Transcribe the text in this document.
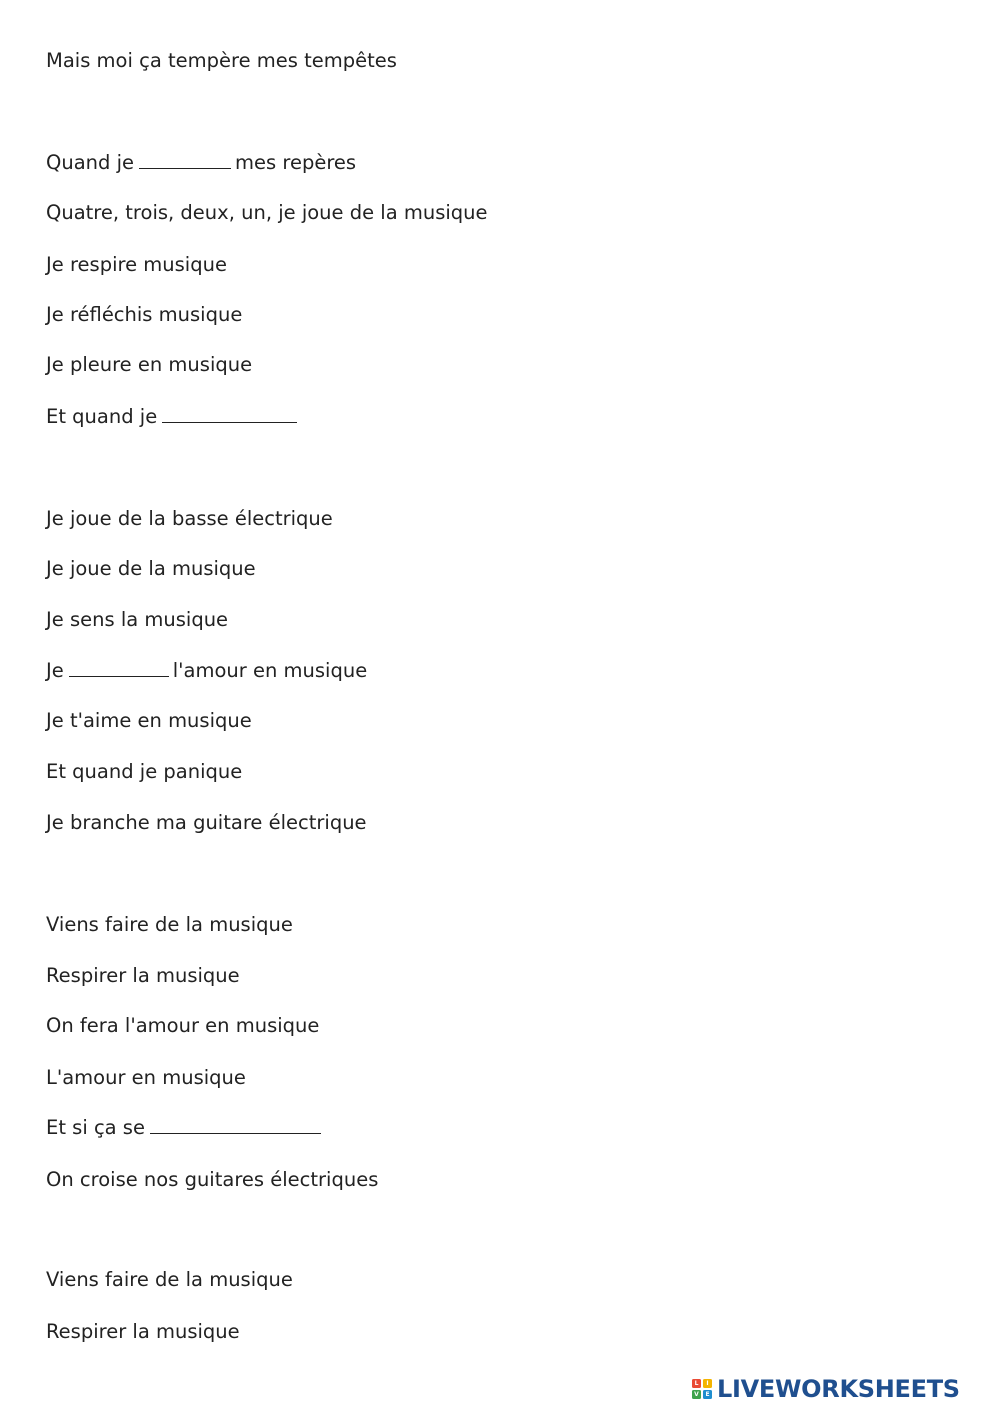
Mais moi ça tempère mes tempêtes
Quand je	mes repères
Quatre, trois, deux, un, je joue de la musique
Je respire musique
Je réfléchis musique
Je pleure en musique
Et quand je
Je joue de la basse électrique
Je joue de la musique
Je sens la musique
Je	l'amour en musique
Je t'aime en musique
Et quand je panique
Je branche ma guitare électrique
Viens faire de la musique
Respirer la musique
On fera l'amour en musique
L'amour en musique
Et si ça se
On croise nos guitares électriques
Viens faire de la musique
Respirer la musique
L	I
V	E LIVEWORKSHEETS
